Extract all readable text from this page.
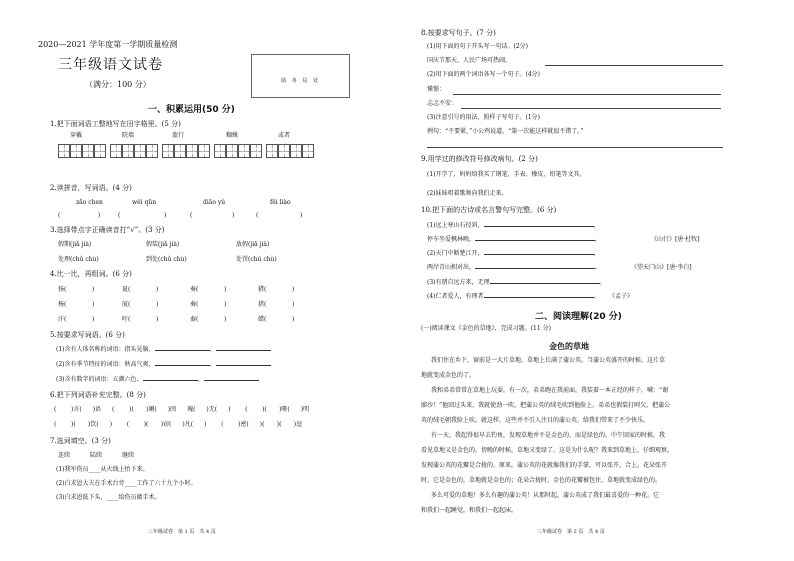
2020—2021 学年度第一学期质量检测
三年级语文试卷
（满分：100 分）	励 务 局 处
一、积累运用(50 分)
1.把下面词语工整地写在田字格里。(5 分)
穿戴	院墙	旅行	蜘蛛	或者
2.读拼音，写词语。(4 分)
zǎo chen	wěi qūn	diāo yǔ	fěi liào
(	)	(	)	(	)	(	)
3.选择带点字正确读音打“√”。(3 分)
假期(jiǎ jià)	假装(jiǎ jià)	放假(jiǎ jià)
处理(chǔ chù)	到处(chǔ chù)	处罚(chǔ chù)
4.比一比，再组词。(6 分)
扬(	)	夏(	)	奏(	)	猎(	)
杨(	)	厦(	)	奏(	)	措(	)
汗(	)	吁(	)	秦(	)	蜡(	)
5.按要求写词语。(6 分)
(1)含有人体名称的词语：指头晃脑、	、
(2)含有季节特征的词语：秋高气爽、	、
(3)含有数字的词语：五颜六色、	、
6.把下列词语补充完整。(8 分)
( )言( )语 ( )( )阑( )闰 瑰( )无( ) ( )( )哑( )明
( )( )饮( ) ( )( )窃( )凡( ) ( )密( )( )( )逗
7.选词填空。(3 分)
连续	陆续	继续
(1)我军伤员____从火线上抬下来。
(2)白求恩大夫在手术台旁____工作了六十九个小时。
(3)白求恩低下头，____给伤员做手术。
三年级试卷　第 1 页　共 4 页
8.按要求写句子。(7 分)
(1)用下面的句子开头写一句话。(2分)
国庆节那天，人民广场可热闹，
(2)用下面的两个词语各写一个句子。(4分)
懂憬：
忐忑不安：
(3)注意引号的用法，照样子写句子。(1分)
例句：“不要紧，”小公鸡说道，“第一次能这样就很不错了。”
9.用学过的修改符号修改病句。(2 分)
(1)开学了，妈妈给我买了钢笔、手表、橡皮、铅笔等文具。
(2)妹妹唱着歌舞向我们走来。
10.把下面的古诗或名言警句写完整。(6 分)
(1)远上寒山石径斜，	，
停车坐爱枫林晚，	。	《山行》[唐·杜牧]
(2)天门中断楚江开，	，
两岸青山相对出，	。	《望天门山》[唐·李白]
(3)有朋自远方来，无理	。
(4)仁者爱人，有理者	。 《孟子》
二、阅读理解(20 分)
(一)阅读课文《金色的草地》，完成习题。(11 分)
金色的草地
我们住在乡下，窗前是一大片草地。草地上长满了蒲公英。当蒲公英盛开的时候，这片草
地就变成金色的了。
我和弟弟常常在草地上玩耍。有一次，弟弟跑在我前面，我装着一本正经的样子，喊：“谢
廖沙！”他回过头来，我就使劲一吹，把蒲公英的绒毛吹到他脸上。弟弟也假装打呵欠，把蒲公
英的绒毛朝我脸上吹。就这样，这些并不引人注目的蒲公英，给我们带来了不少快乐。
有一天，我起得很早去钓鱼，发现草地并不是金色的，而是绿色的。中午回家的时候，我
看见草地又是金色的。傍晚的时候，草地又变绿了。这是为什么呢？我来到草地上，仔细观察，
发现蒲公英的花瓣是合拢的。原来，蒲公英的花就像我们的手掌，可以张开，合上。花朵张开
时，它是金色的，草地就是金色的；花朵合拢时，金色的花瓣被包住，草地就变成绿色的。
多么可爱的草地！多么有趣的蒲公英！从那时起，蒲公英成了我们最喜爱的一种花。它
和我们一起睡觉，和我们一起起床。
三年级试卷　第 2 页　共 4 页
